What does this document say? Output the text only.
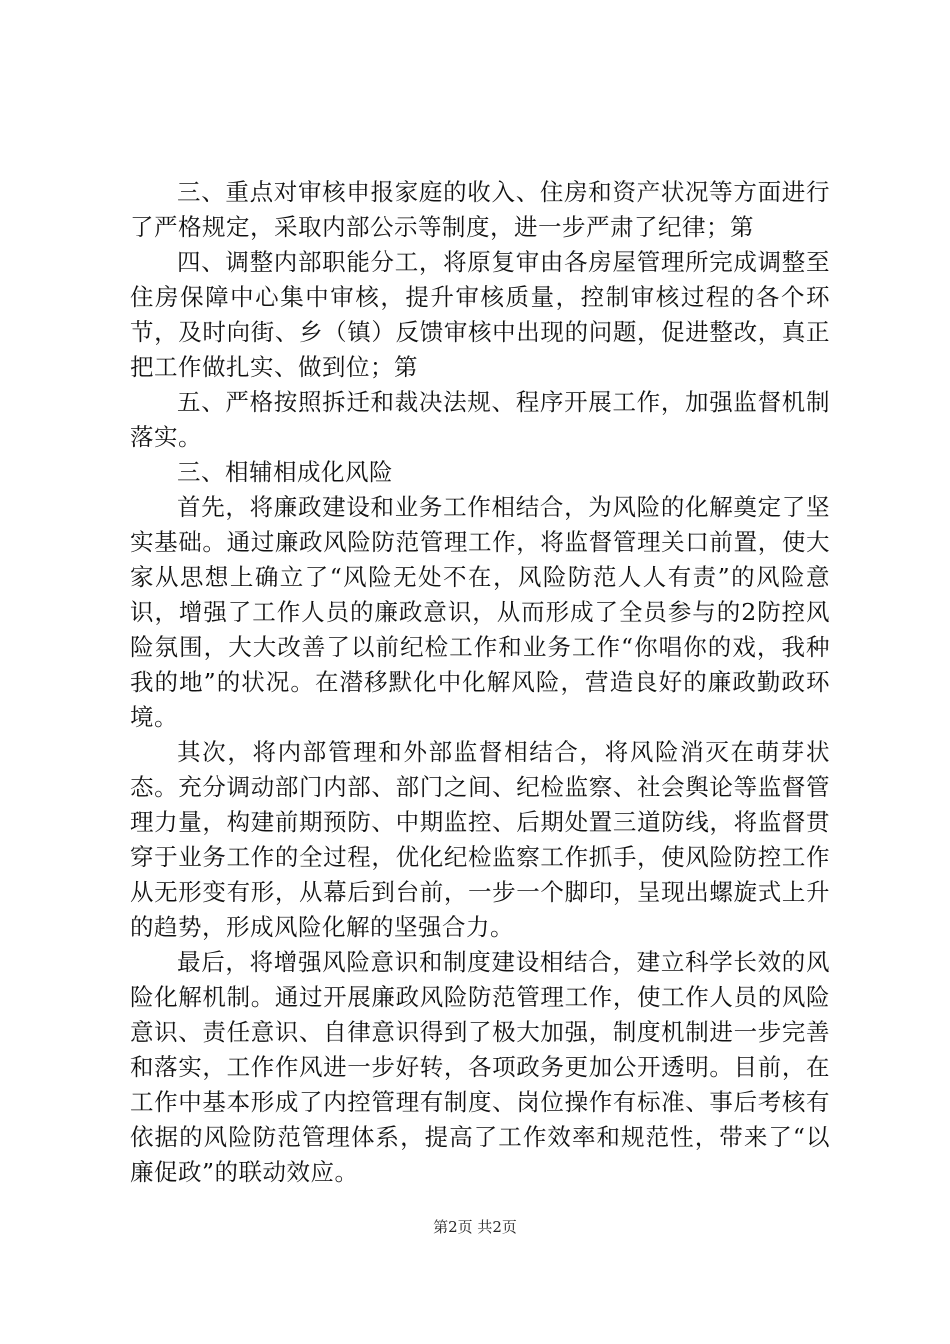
三、重点对审核申报家庭的收入、住房和资产状况等方面进行了严格规定，采取内部公示等制度，进一步严肃了纪律；第

四、调整内部职能分工，将原复审由各房屋管理所完成调整至住房保障中心集中审核，提升审核质量，控制审核过程的各个环节，及时向街、乡（镇）反馈审核中出现的问题，促进整改，真正把工作做扎实、做到位；第

五、严格按照拆迁和裁决法规、程序开展工作，加强监督机制落实。

三、相辅相成化风险

首先，将廉政建设和业务工作相结合，为风险的化解奠定了坚实基础。通过廉政风险防范管理工作，将监督管理关口前置，使大家从思想上确立了“风险无处不在，风险防范人人有责”的风险意识，增强了工作人员的廉政意识，从而形成了全员参与的2防控风险氛围，大大改善了以前纪检工作和业务工作“你唱你的戏，我种我的地”的状况。在潜移默化中化解风险，营造良好的廉政勤政环境。

其次，将内部管理和外部监督相结合，将风险消灭在萌芽状态。充分调动部门内部、部门之间、纪检监察、社会舆论等监督管理力量，构建前期预防、中期监控、后期处置三道防线，将监督贯穿于业务工作的全过程，优化纪检监察工作抓手，使风险防控工作从无形变有形，从幕后到台前，一步一个脚印，呈现出螺旋式上升的趋势，形成风险化解的坚强合力。

最后，将增强风险意识和制度建设相结合，建立科学长效的风险化解机制。通过开展廉政风险防范管理工作，使工作人员的风险意识、责任意识、自律意识得到了极大加强，制度机制进一步完善和落实，工作作风进一步好转，各项政务更加公开透明。目前，在工作中基本形成了内控管理有制度、岗位操作有标准、事后考核有依据的风险防范管理体系，提高了工作效率和规范性，带来了“以廉促政”的联动效应。

第2页 共2页
